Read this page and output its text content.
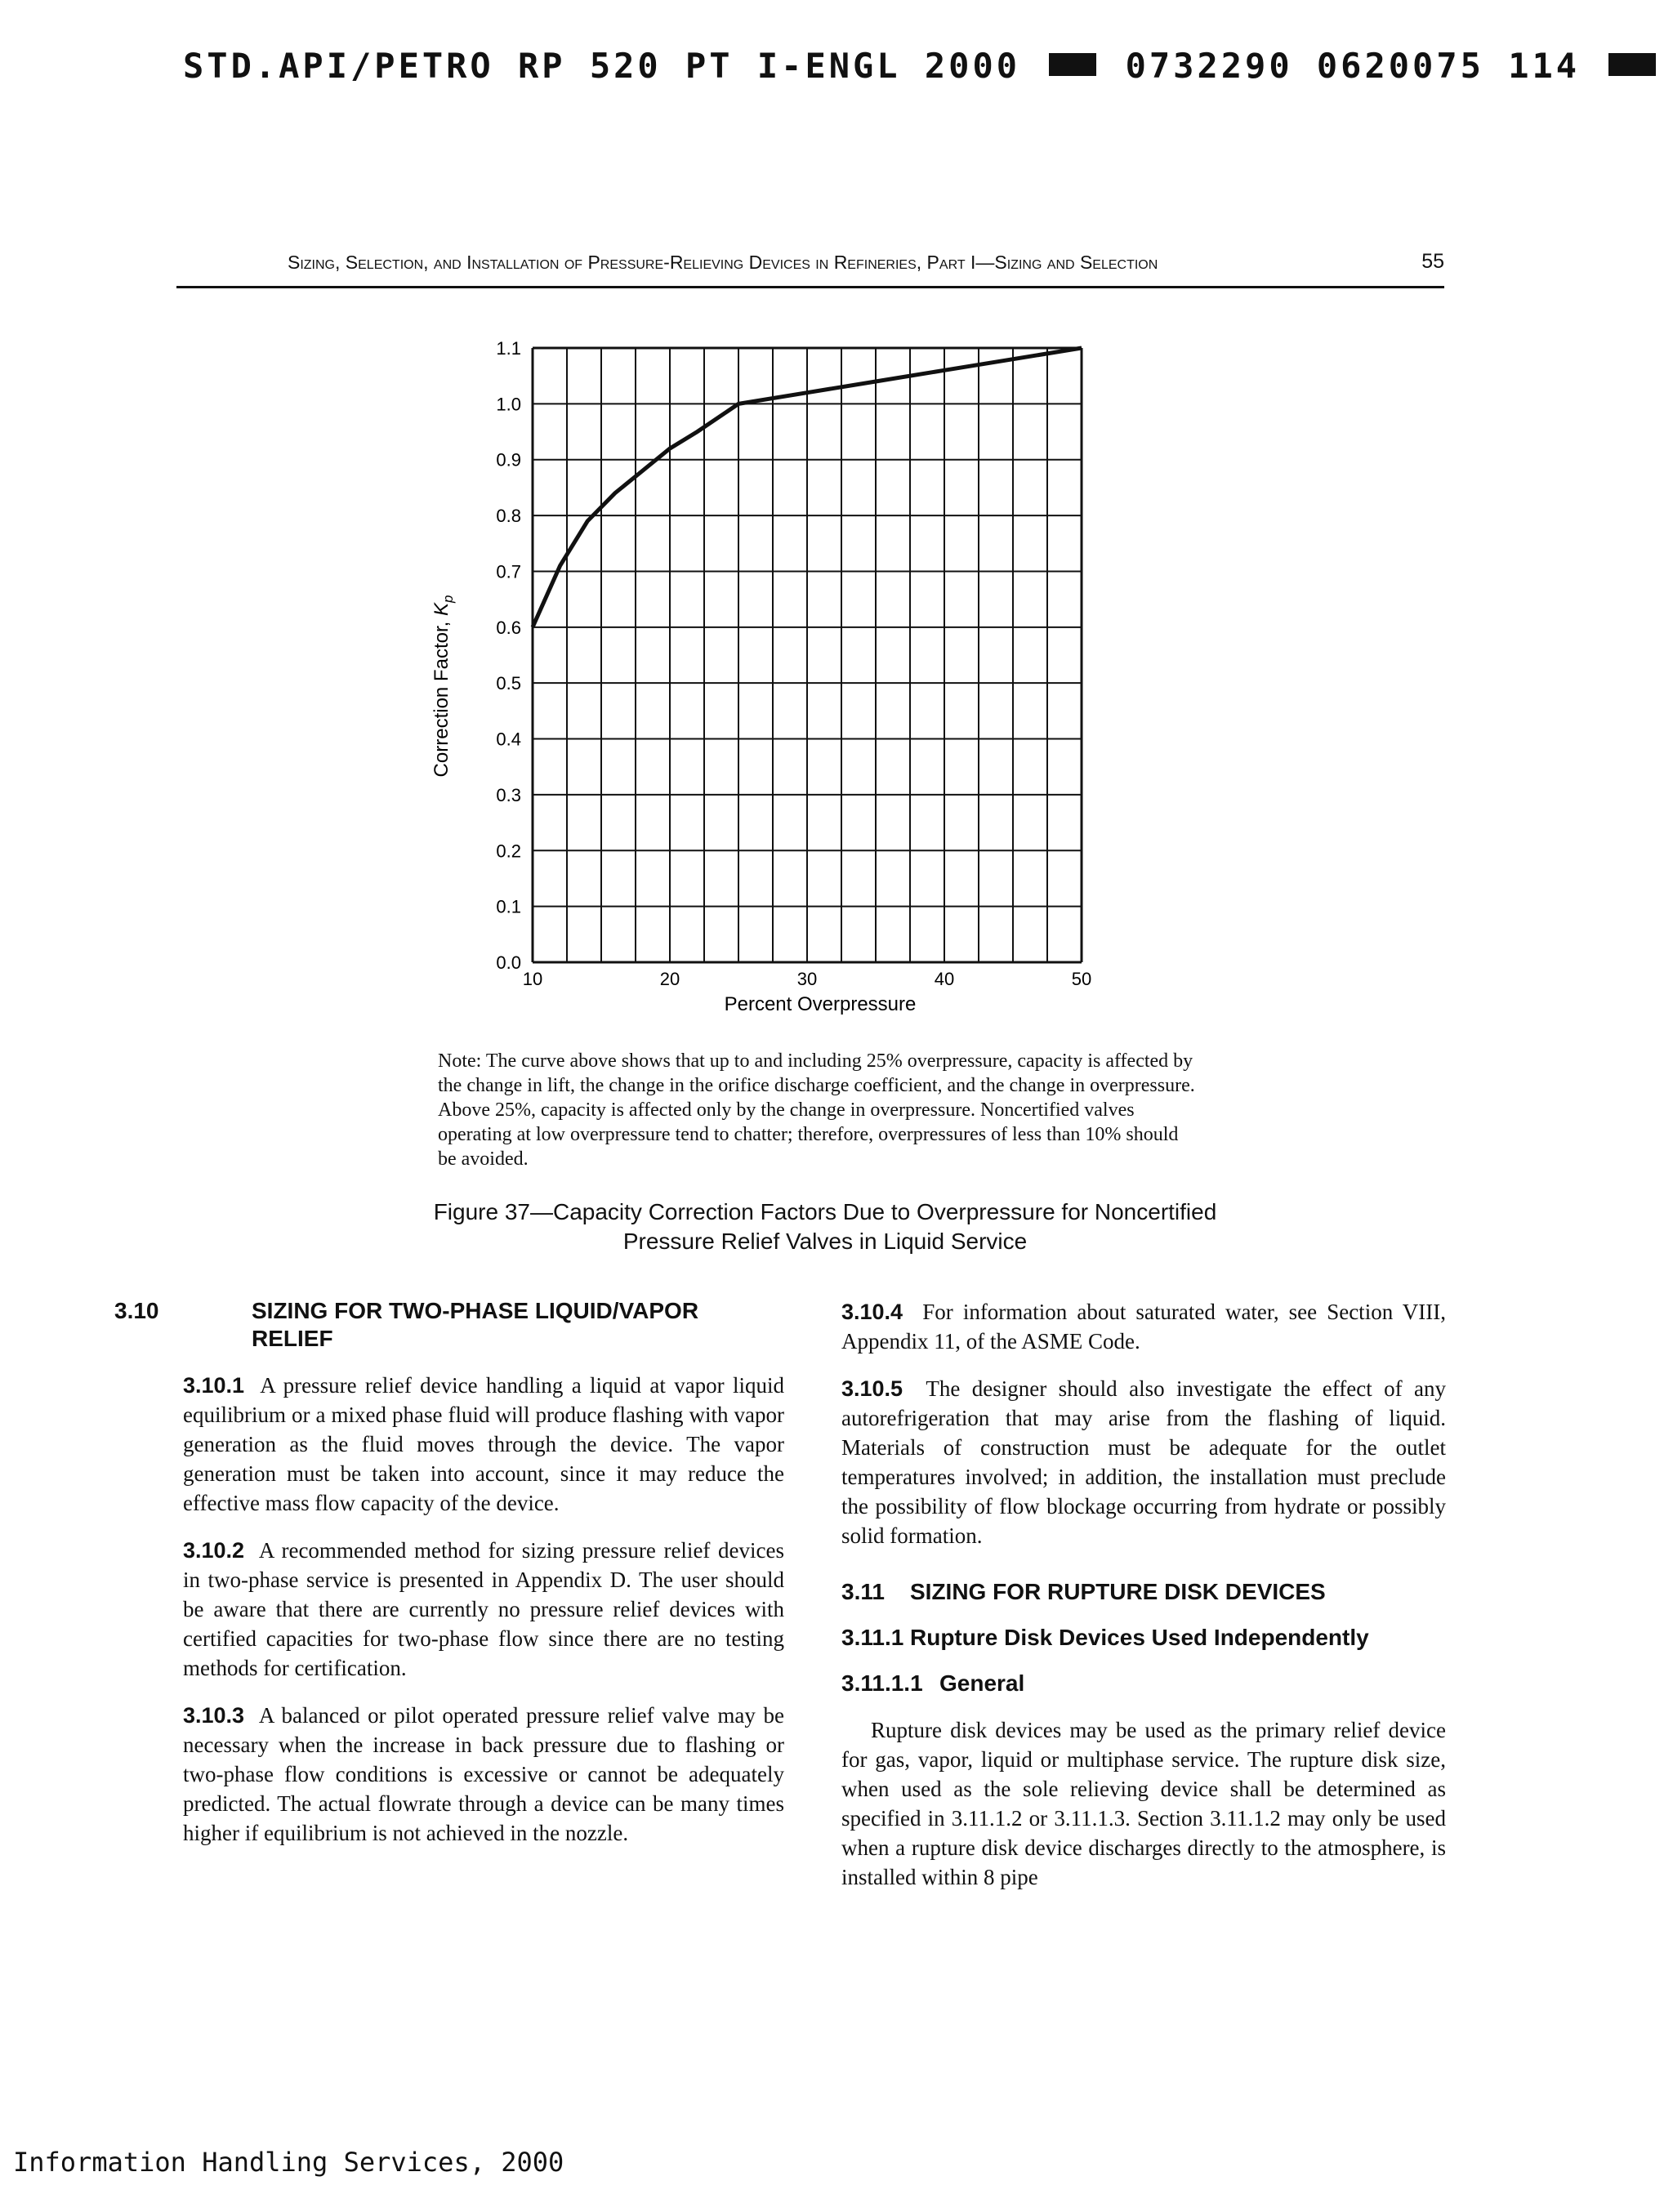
STD.API/PETRO RP 520 PT I-ENGL 2000	0732290 0620075 114
Sizing, Selection, and Installation of Pressure-Relieving Devices in Refineries, Part I—Sizing and Selection	55
0.0
0.1
0.2
0.3
0.4
0.5
0.6
0.7
0.8
0.9
1.0
1.1
10	20	30	40	50
Percent Overpressure
Correction Factor, $K_p$
Note: The curve above shows that up to and including 25% overpressure, capacity is affected by the change in lift, the change in the orifice discharge coefficient, and the change in overpressure. Above 25%, capacity is affected only by the change in overpressure. Noncertified valves operating at low overpressure tend to chatter; therefore, overpressures of less than 10% should be avoided.
Figure 37—Capacity Correction Factors Due to Overpressure for Noncertified
Pressure Relief Valves in Liquid Service
3.10	SIZING FOR TWO-PHASE LIQUID/VAPOR RELIEF

3.10.1 A pressure relief device handling a liquid at vapor liquid equilibrium or a mixed phase fluid will produce flashing with vapor generation as the fluid moves through the device. The vapor generation must be taken into account, since it may reduce the effective mass flow capacity of the device.

3.10.2 A recommended method for sizing pressure relief devices in two-phase service is presented in Appendix D. The user should be aware that there are currently no pressure relief devices with certified capacities for two-phase flow since there are no testing methods for certification.

3.10.3 A balanced or pilot operated pressure relief valve may be necessary when the increase in back pressure due to flashing or two-phase flow conditions is excessive or cannot be adequately predicted. The actual flowrate through a device can be many times higher if equilibrium is not achieved in the nozzle.

3.10.4 For information about saturated water, see Section VIII, Appendix 11, of the ASME Code.

3.10.5 The designer should also investigate the effect of any autorefrigeration that may arise from the flashing of liquid. Materials of construction must be adequate for the outlet temperatures involved; in addition, the installation must preclude the possibility of flow blockage occurring from hydrate or possibly solid formation.

3.11 SIZING FOR RUPTURE DISK DEVICES
3.11.1 Rupture Disk Devices Used Independently
3.11.1.1 General

Rupture disk devices may be used as the primary relief device for gas, vapor, liquid or multiphase service. The rupture disk size, when used as the sole relieving device shall be determined as specified in 3.11.1.2 or 3.11.1.3. Section 3.11.1.2 may only be used when a rupture disk device discharges directly to the atmosphere, is installed within 8 pipe

Information Handling Services, 2000
